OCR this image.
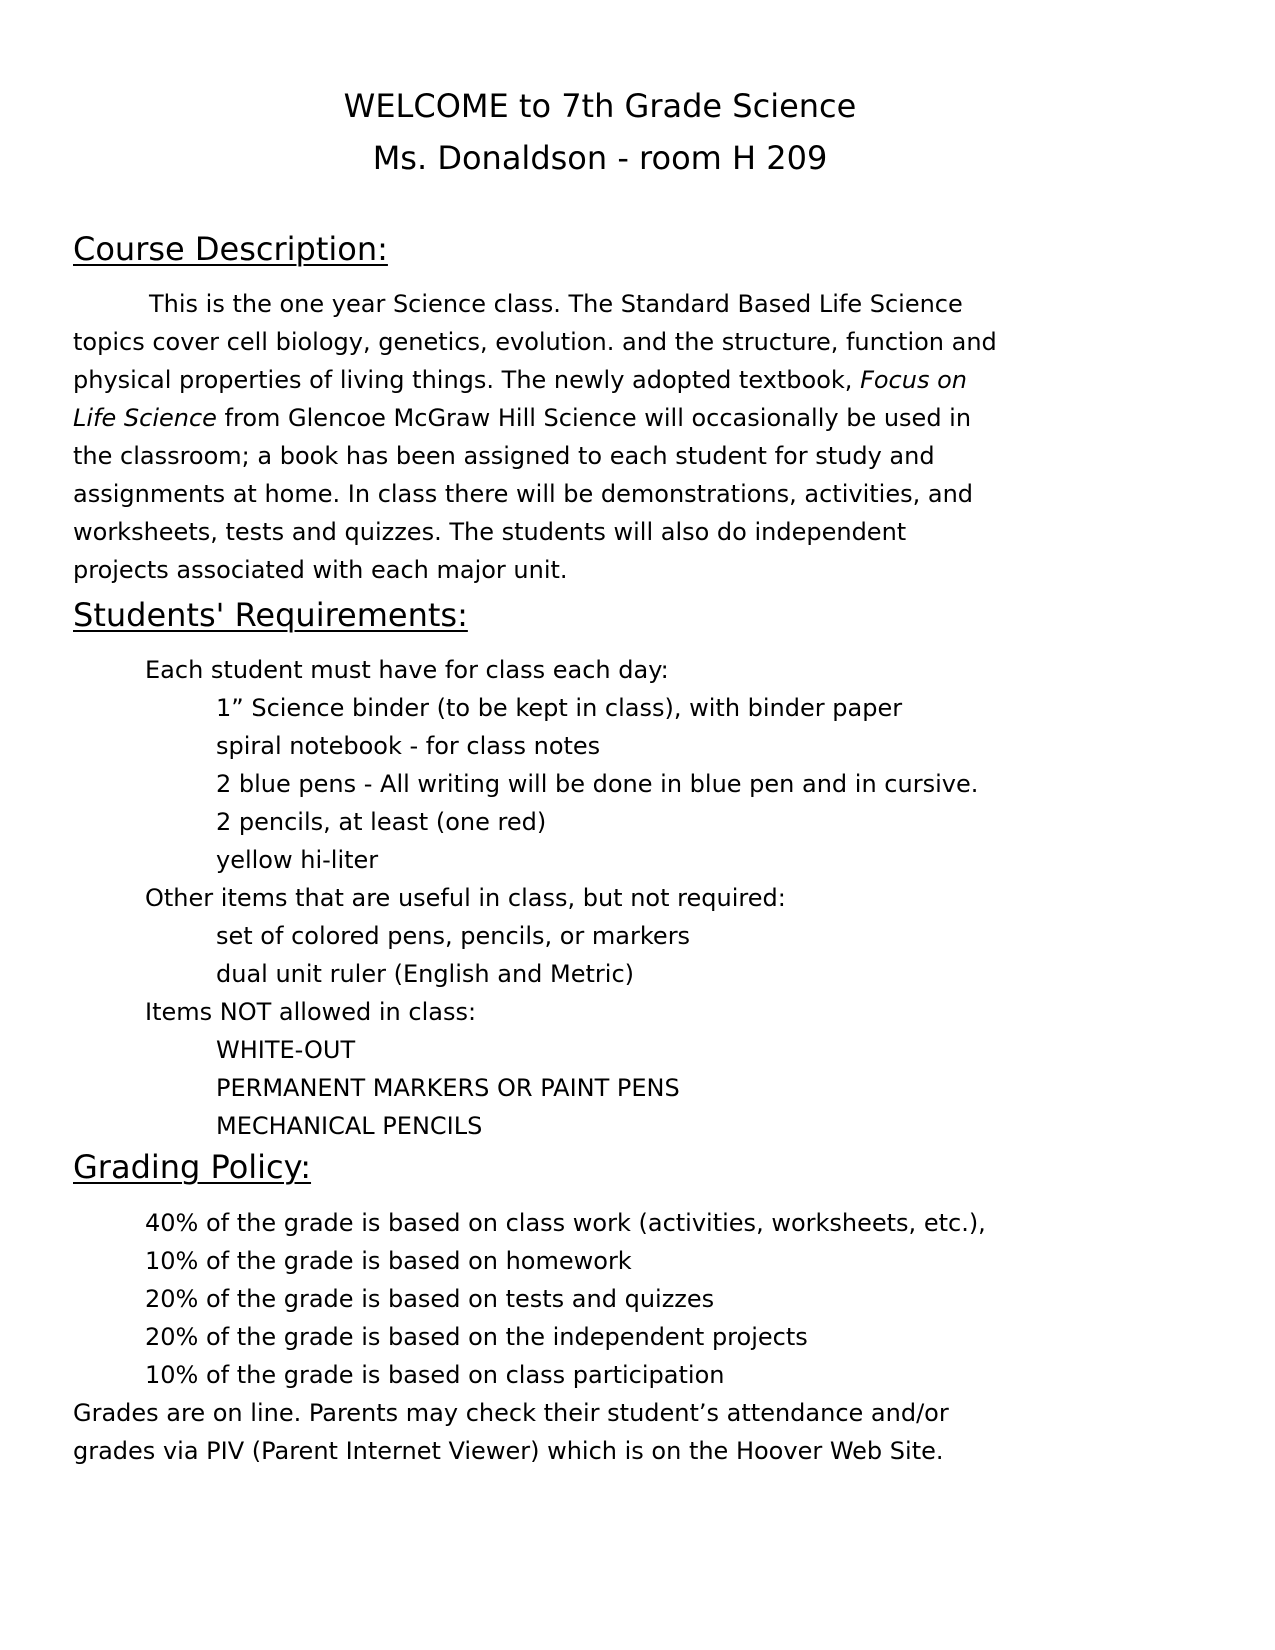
WELCOME to 7th Grade Science
Ms. Donaldson - room H 209
Course Description:
This is the one year Science class. The Standard Based Life Science
topics cover cell biology, genetics, evolution. and the structure, function and
physical properties of living things. The newly adopted textbook, Focus on
Life Science from Glencoe McGraw Hill Science will occasionally be used in
the classroom; a book has been assigned to each student for study and
assignments at home. In class there will be demonstrations, activities, and
worksheets, tests and quizzes. The students will also do independent
projects associated with each major unit.
Students' Requirements:
Each student must have for class each day:
1” Science binder (to be kept in class), with binder paper
spiral notebook - for class notes
2 blue pens - All writing will be done in blue pen and in cursive.
2 pencils, at least (one red)
yellow hi-liter
Other items that are useful in class, but not required:
set of colored pens, pencils, or markers
dual unit ruler (English and Metric)
Items NOT allowed in class:
WHITE-OUT
PERMANENT MARKERS OR PAINT PENS
MECHANICAL PENCILS
Grading Policy:
40% of the grade is based on class work (activities, worksheets, etc.),
10% of the grade is based on homework
20% of the grade is based on tests and quizzes
20% of the grade is based on the independent projects
10% of the grade is based on class participation
Grades are on line. Parents may check their student’s attendance and/or
grades via PIV (Parent Internet Viewer) which is on the Hoover Web Site.
